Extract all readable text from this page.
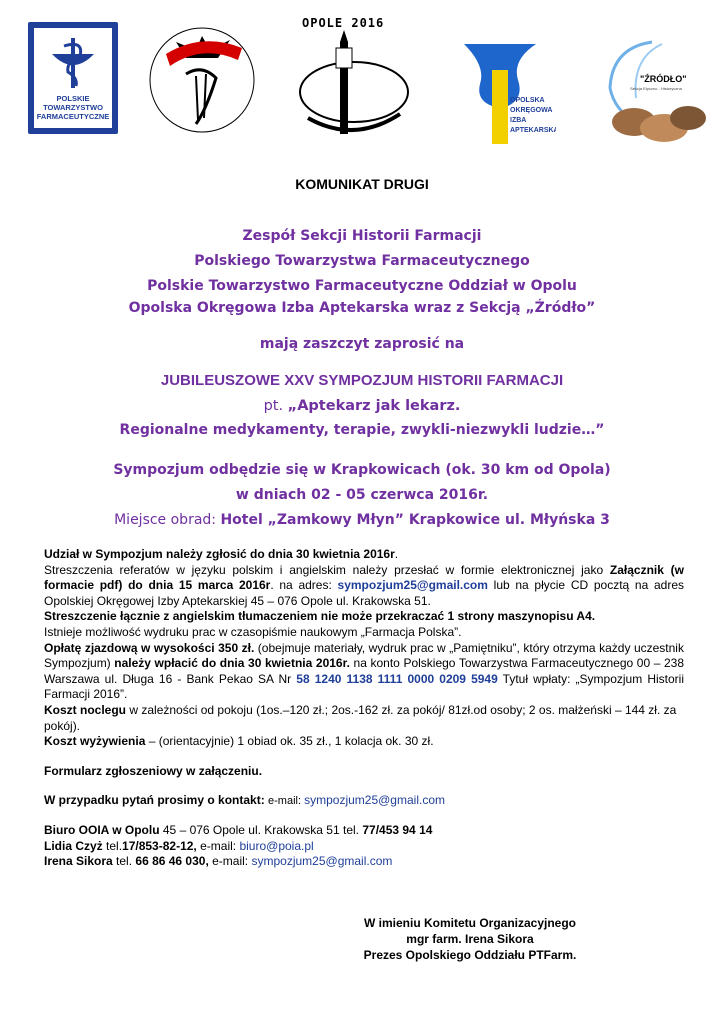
POLSKIE TOWARZYSTWO FARMACEUTYCZNE
OPOLE 2016
OPOLSKA
OKRĘGOWA
IZBA
APTEKARSKA
"ŹRÓDŁO"
Sekcja Etyczno - Historyczna
KOMUNIKAT DRUGI
Zespół Sekcji Historii Farmacji
Polskiego Towarzystwa Farmaceutycznego
Polskie Towarzystwo Farmaceutyczne Oddział w Opolu
Opolska Okręgowa Izba Aptekarska wraz z Sekcją „Źródło”
mają zaszczyt zaprosić na
JUBILEUSZOWE XXV SYMPOZJUM HISTORII FARMACJI
pt. „Aptekarz jak lekarz.
Regionalne medykamenty, terapie, zwykli-niezwykli ludzie…”
Sympozjum odbędzie się w Krapkowicach (ok. 30 km od Opola)
w dniach 02 - 05 czerwca 2016r.
Miejsce obrad: Hotel „Zamkowy Młyn” Krapkowice ul. Młyńska 3

Udział w Sympozjum należy zgłosić do dnia 30 kwietnia 2016r.

Streszczenia referatów w języku polskim i angielskim należy przesłać w formie elektronicznej jako Załącznik (w formacie pdf) do dnia 15 marca 2016r. na adres: sympozjum25@gmail.com lub na płycie CD pocztą na adres Opolskiej Okręgowej Izby Aptekarskiej 45 – 076 Opole ul. Krakowska 51.

Streszczenie łącznie z angielskim tłumaczeniem nie może przekraczać 1 strony maszynopisu A4.

Istnieje możliwość wydruku prac w czasopiśmie naukowym „Farmacja Polska”.

Opłatę zjazdową w wysokości 350 zł. (obejmuje materiały, wydruk prac w „Pamiętniku”, który otrzyma każdy uczestnik Sympozjum) należy wpłacić do dnia 30 kwietnia 2016r. na konto Polskiego Towarzystwa Farmaceutycznego 00 – 238 Warszawa ul. Długa 16 - Bank Pekao SA Nr 58 1240 1138 1111 0000 0209 5949 Tytuł wpłaty: „Sympozjum Historii Farmacji 2016”.

Koszt noclegu w zależności od pokoju (1os.–120 zł.; 2os.-162 zł. za pokój/ 81zł.od osoby; 2 os. małżeński – 144 zł. za pokój).

Koszt wyżywienia – (orientacyjnie) 1 obiad ok. 35 zł., 1 kolacja ok. 30 zł.

Formularz zgłoszeniowy w załączeniu.

W przypadku pytań prosimy o kontakt: e-mail: sympozjum25@gmail.com

Biuro OOIA w Opolu 45 – 076 Opole ul. Krakowska 51 tel. 77/453 94 14

Lidia Czyż tel.17/853-82-12, e-mail: biuro@poia.pl

Irena Sikora tel. 66 86 46 030, e-mail: sympozjum25@gmail.com

W imieniu Komitetu Organizacyjnego
mgr farm. Irena Sikora
Prezes Opolskiego Oddziału PTFarm.
